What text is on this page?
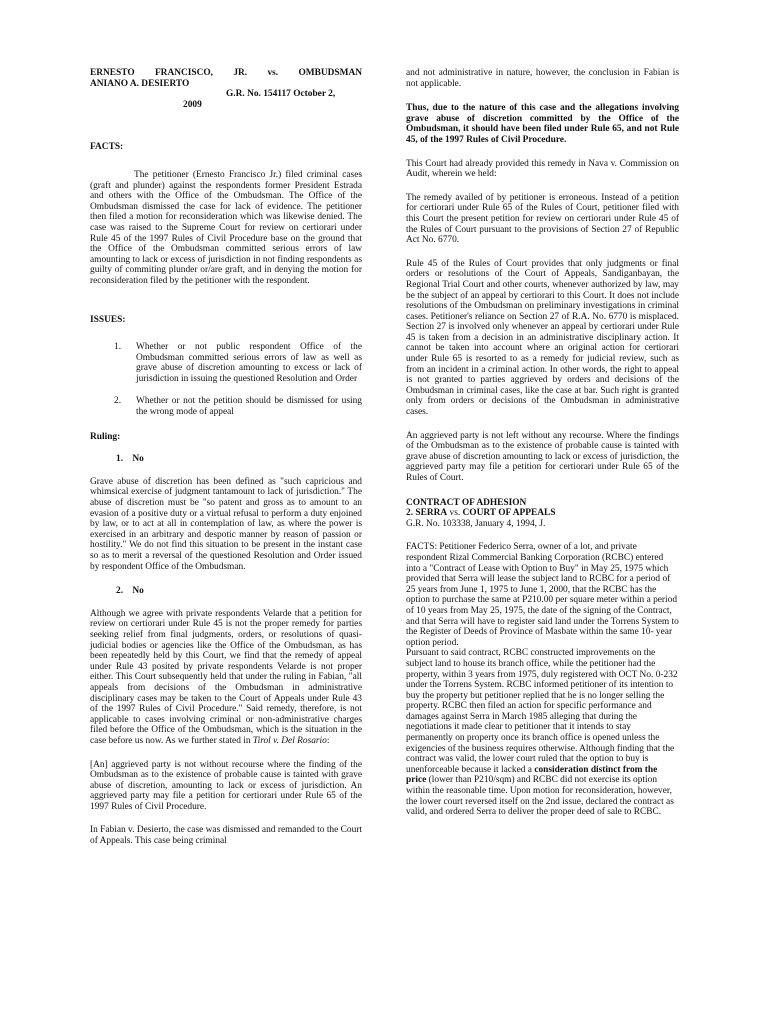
ERNESTO FRANCISCO, JR. vs. OMBUDSMAN

ANIANO A. DESIERTO

G.R. No. 154117 October 2,

2009

FACTS:

The petitioner (Ernesto Francisco Jr.) filed criminal cases (graft and plunder) against the respondents former President Estrada and others with the Office of the Ombudsman. The Office of the Ombudsman dismissed the case for lack of evidence. The petitioner then filed a motion for reconsideration which was likewise denied. The case was raised to the Supreme Court for review on certiorari under Rule 45 of the 1997 Rules of Civil Procedure base on the ground that the Office of the Ombudsman committed serious errors of law amounting to lack or excess of jurisdiction in not finding respondents as guilty of commiting plunder or/are graft, and in denying the motion for reconsideration filed by the petitioner with the respondent.

ISSUES:

1.	Whether or not public respondent Office of the Ombudsman committed serious errors of law as well as grave abuse of discretion amounting to excess or lack of jurisdiction in issuing the questioned Resolution and Order
2.	Whether or not the petition should be dismissed for using the wrong mode of appeal

Ruling:

1.    No

Grave abuse of discretion has been defined as "such capricious and whimsical exercise of judgment tantamount to lack of jurisdiction." The abuse of discretion must be "so patent and gross as to amount to an evasion of a positive duty or a virtual refusal to perform a duty enjoined by law, or to act at all in contemplation of law, as where the power is exercised in an arbitrary and despotic manner by reason of passion or hostility." We do not find this situation to be present in the instant case so as to merit a reversal of the questioned Resolution and Order issued by respondent Office of the Ombudsman.

2.    No

Although we agree with private respondents Velarde that a petition for review on certiorari under Rule 45 is not the proper remedy for parties seeking relief from final judgments, orders, or resolutions of quasi-judicial bodies or agencies like the Office of the Ombudsman, as has been repeatedly held by this Court, we find that the remedy of appeal under Rule 43 posited by private respondents Velarde is not proper either. This Court subsequently held that under the ruling in Fabian, "all appeals from decisions of the Ombudsman in administrative disciplinary cases may be taken to the Court of Appeals under Rule 43 of the 1997 Rules of Civil Procedure." Said remedy, therefore, is not applicable to cases involving criminal or non-administrative charges filed before the Office of the Ombudsman, which is the situation in the case before us now. As we further stated in Tirol v. Del Rosario:

[An] aggrieved party is not without recourse where the finding of the Ombudsman as to the existence of probable cause is tainted with grave abuse of discretion, amounting to lack or excess of jurisdiction. An aggrieved party may file a petition for certiorari under Rule 65 of the 1997 Rules of Civil Procedure.

In Fabian v. Desierto, the case was dismissed and remanded to the Court of Appeals. This case being criminal

and not administrative in nature, however, the conclusion in Fabian is not applicable.

Thus, due to the nature of this case and the allegations involving grave abuse of discretion committed by the Office of the Ombudsman, it should have been filed under Rule 65, and not Rule 45, of the 1997 Rules of Civil Procedure.

This Court had already provided this remedy in Nava v. Commission on Audit, wherein we held:

The remedy availed of by petitioner is erroneous. Instead of a petition for certiorari under Rule 65 of the Rules of Court, petitioner filed with this Court the present petition for review on certiorari under Rule 45 of the Rules of Court pursuant to the provisions of Section 27 of Republic Act No. 6770.

Rule 45 of the Rules of Court provides that only judgments or final orders or resolutions of the Court of Appeals, Sandiganbayan, the Regional Trial Court and other courts, whenever authorized by law, may be the subject of an appeal by certiorari to this Court. It does not include resolutions of the Ombudsman on preliminary investigations in criminal cases. Petitioner's reliance on Section 27 of R.A. No. 6770 is misplaced. Section 27 is involved only whenever an appeal by certiorari under Rule 45 is taken from a decision in an administrative disciplinary action. It cannot be taken into account where an original action for certiorari under Rule 65 is resorted to as a remedy for judicial review, such as from an incident in a criminal action. In other words, the right to appeal is not granted to parties aggrieved by orders and decisions of the Ombudsman in criminal cases, like the case at bar. Such right is granted only from orders or decisions of the Ombudsman in administrative cases.

An aggrieved party is not left without any recourse. Where the findings of the Ombudsman as to the existence of probable cause is tainted with grave abuse of discretion amounting to lack or excess of jurisdiction, the aggrieved party may file a petition for certiorari under Rule 65 of the Rules of Court.

CONTRACT OF ADHESION

2. SERRA vs. COURT OF APPEALS

G.R. No. 103338, January 4, 1994, J.

FACTS: Petitioner Federico Serra, owner of a lot, and private respondent Rizal Commercial Banking Corporation (RCBC) entered into a "Contract of Lease with Option to Buy" in May 25, 1975 which provided that Serra will lease the subject land to RCBC for a period of 25 years from June 1, 1975 to June 1, 2000, that the RCBC has the option to purchase the same at P210.00 per square meter within a period of 10 years from May 25, 1975, the date of the signing of the Contract, and that Serra will have to register said land under the Torrens System to the Register of Deeds of Province of Masbate within the same 10- year option period.

Pursuant to said contract, RCBC constructed improvements on the subject land to house its branch office, while the petitioner had the property, within 3 years from 1975, duly registered with OCT No. 0-232 under the Torrens System. RCBC informed petitioner of its intention to buy the property but petitioner replied that he is no longer selling the property. RCBC then filed an action for specific performance and damages against Serra in March 1985 alleging that during the negotiations it made clear to petitioner that it intends to stay permanently on property once its branch office is opened unless the exigencies of the business requires otherwise. Although finding that the contract was valid, the lower court ruled that the option to buy is unenforceable because it lacked a consideration distinct from the price (lower than P210/sqm) and RCBC did not exercise its option within the reasonable time. Upon motion for reconsideration, however, the lower court reversed itself on the 2nd issue, declared the contract as valid, and ordered Serra to deliver the proper deed of sale to RCBC.
